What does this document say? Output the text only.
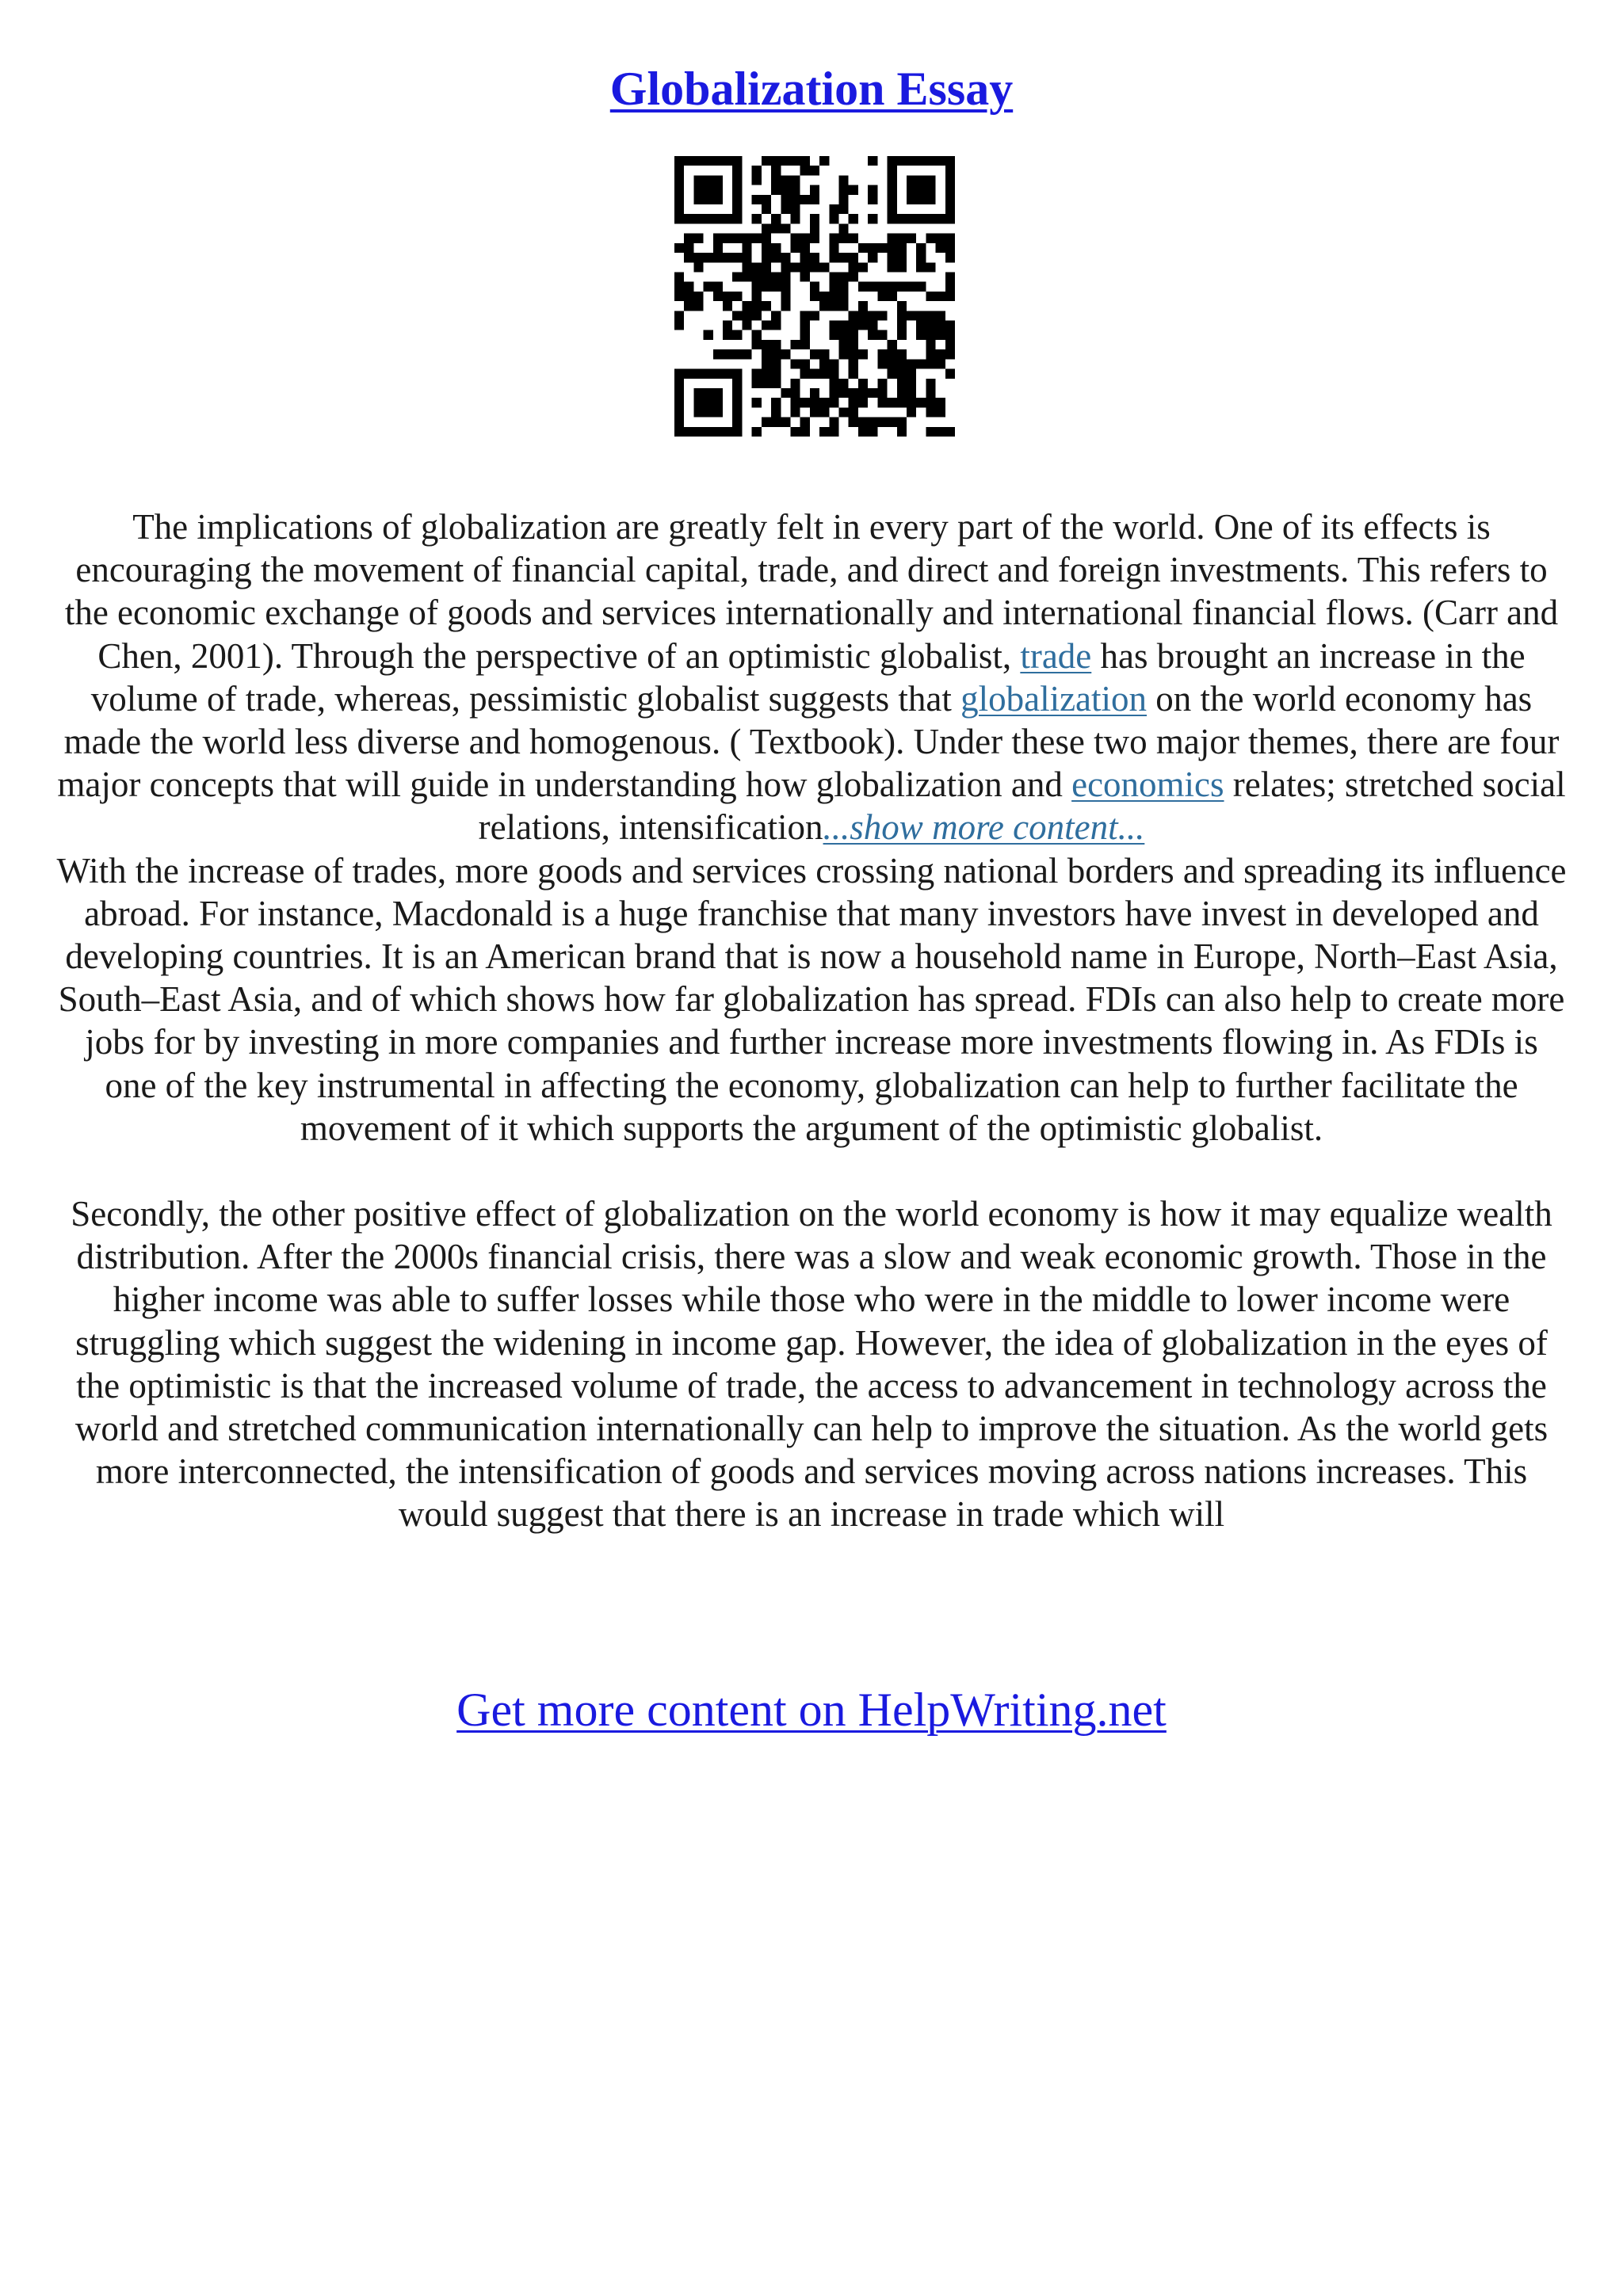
Globalization Essay

The implications of globalization are greatly felt in every part of the world. One of its effects is encouraging the movement of financial capital, trade, and direct and foreign investments. This refers to the economic exchange of goods and services internationally and international financial flows. (Carr and Chen, 2001). Through the perspective of an optimistic globalist, trade has brought an increase in the volume of trade, whereas, pessimistic globalist suggests that globalization on the world economy has made the world less diverse and homogenous. ( Textbook). Under these two major themes, there are four major concepts that will guide in understanding how globalization and economics relates; stretched social relations, intensification...show more content...

With the increase of trades, more goods and services crossing national borders and spreading its influence abroad. For instance, Macdonald is a huge franchise that many investors have invest in developed and developing countries. It is an American brand that is now a household name in Europe, North–East Asia, South–East Asia, and of which shows how far globalization has spread. FDIs can also help to create more jobs for by investing in more companies and further increase more investments flowing in. As FDIs is one of the key instrumental in affecting the economy, globalization can help to further facilitate the movement of it which supports the argument of the optimistic globalist.

Secondly, the other positive effect of globalization on the world economy is how it may equalize wealth distribution. After the 2000s financial crisis, there was a slow and weak economic growth. Those in the higher income was able to suffer losses while those who were in the middle to lower income were struggling which suggest the widening in income gap. However, the idea of globalization in the eyes of the optimistic is that the increased volume of trade, the access to advancement in technology across the world and stretched communication internationally can help to improve the situation. As the world gets more interconnected, the intensification of goods and services moving across nations increases. This would suggest that there is an increase in trade which will

Get more content on HelpWriting.net
